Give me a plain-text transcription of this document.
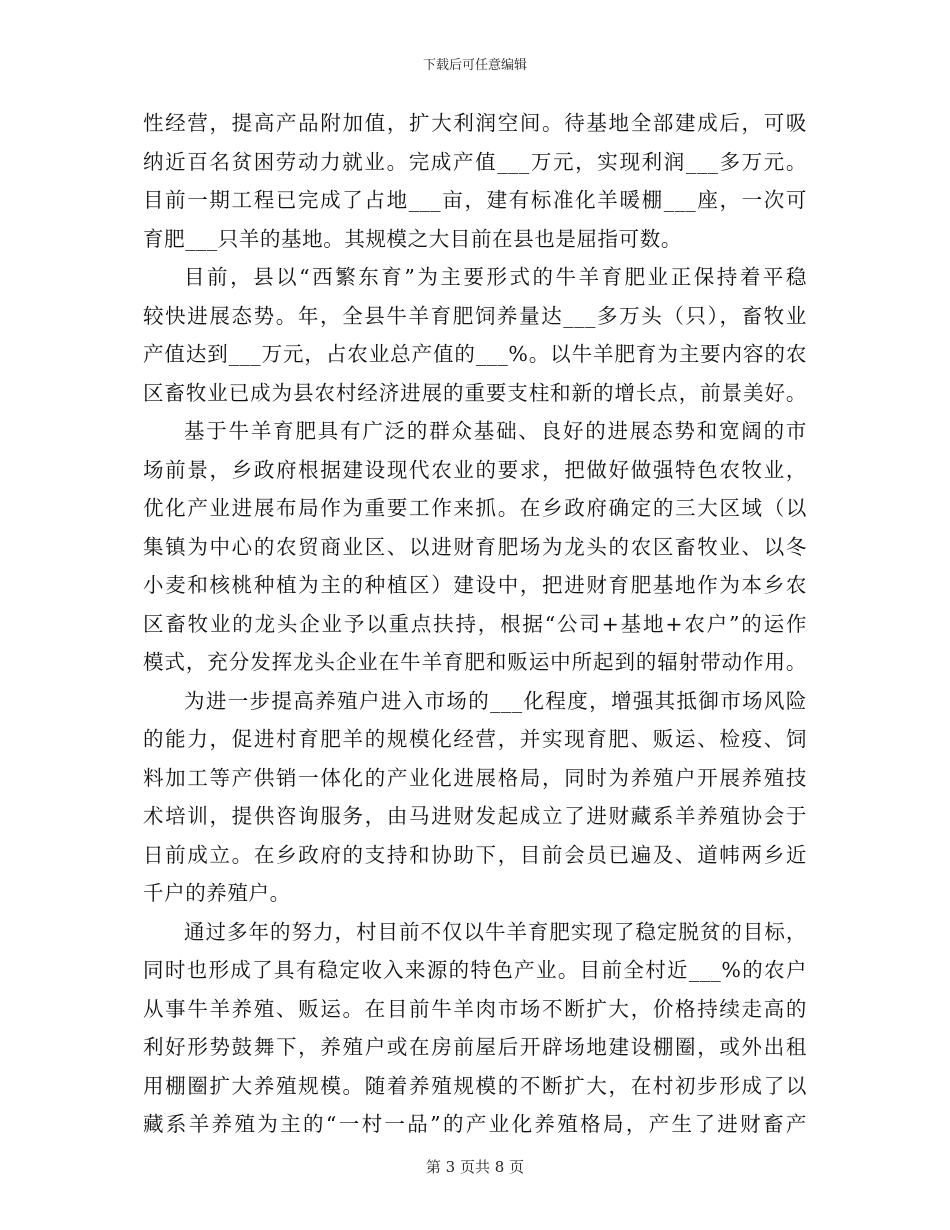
下载后可任意编辑
性经营，提高产品附加值，扩大利润空间。待基地全部建成后，可吸
纳近百名贫困劳动力就业。完成产值___万元，实现利润___多万元。
目前一期工程已完成了占地___亩，建有标准化羊暖棚___座，一次可
育肥___只羊的基地。其规模之大目前在县也是屈指可数。
目前，县以“西繁东育”为主要形式的牛羊育肥业正保持着平稳
较快进展态势。年，全县牛羊育肥饲养量达___多万头（只），畜牧业
产值达到___万元，占农业总产值的___%。以牛羊肥育为主要内容的农
区畜牧业已成为县农村经济进展的重要支柱和新的增长点，前景美好。
基于牛羊育肥具有广泛的群众基础、良好的进展态势和宽阔的市
场前景，乡政府根据建设现代农业的要求，把做好做强特色农牧业，
优化产业进展布局作为重要工作来抓。在乡政府确定的三大区域（以
集镇为中心的农贸商业区、以进财育肥场为龙头的农区畜牧业、以冬
小麦和核桃种植为主的种植区）建设中，把进财育肥基地作为本乡农
区畜牧业的龙头企业予以重点扶持，根据“公司+基地+农户”的运作
模式，充分发挥龙头企业在牛羊育肥和贩运中所起到的辐射带动作用。
为进一步提高养殖户进入市场的___化程度，增强其抵御市场风险
的能力，促进村育肥羊的规模化经营，并实现育肥、贩运、检疫、饲
料加工等产供销一体化的产业化进展格局，同时为养殖户开展养殖技
术培训，提供咨询服务，由马进财发起成立了进财藏系羊养殖协会于
日前成立。在乡政府的支持和协助下，目前会员已遍及、道帏两乡近
千户的养殖户。
通过多年的努力，村目前不仅以牛羊育肥实现了稳定脱贫的目标，
同时也形成了具有稳定收入来源的特色产业。目前全村近___%的农户
从事牛羊养殖、贩运。在目前牛羊肉市场不断扩大，价格持续走高的
利好形势鼓舞下，养殖户或在房前屋后开辟场地建设棚圈，或外出租
用棚圈扩大养殖规模。随着养殖规模的不断扩大，在村初步形成了以
藏系羊养殖为主的“一村一品”的产业化养殖格局，产生了进财畜产
第 3 页共 8 页
